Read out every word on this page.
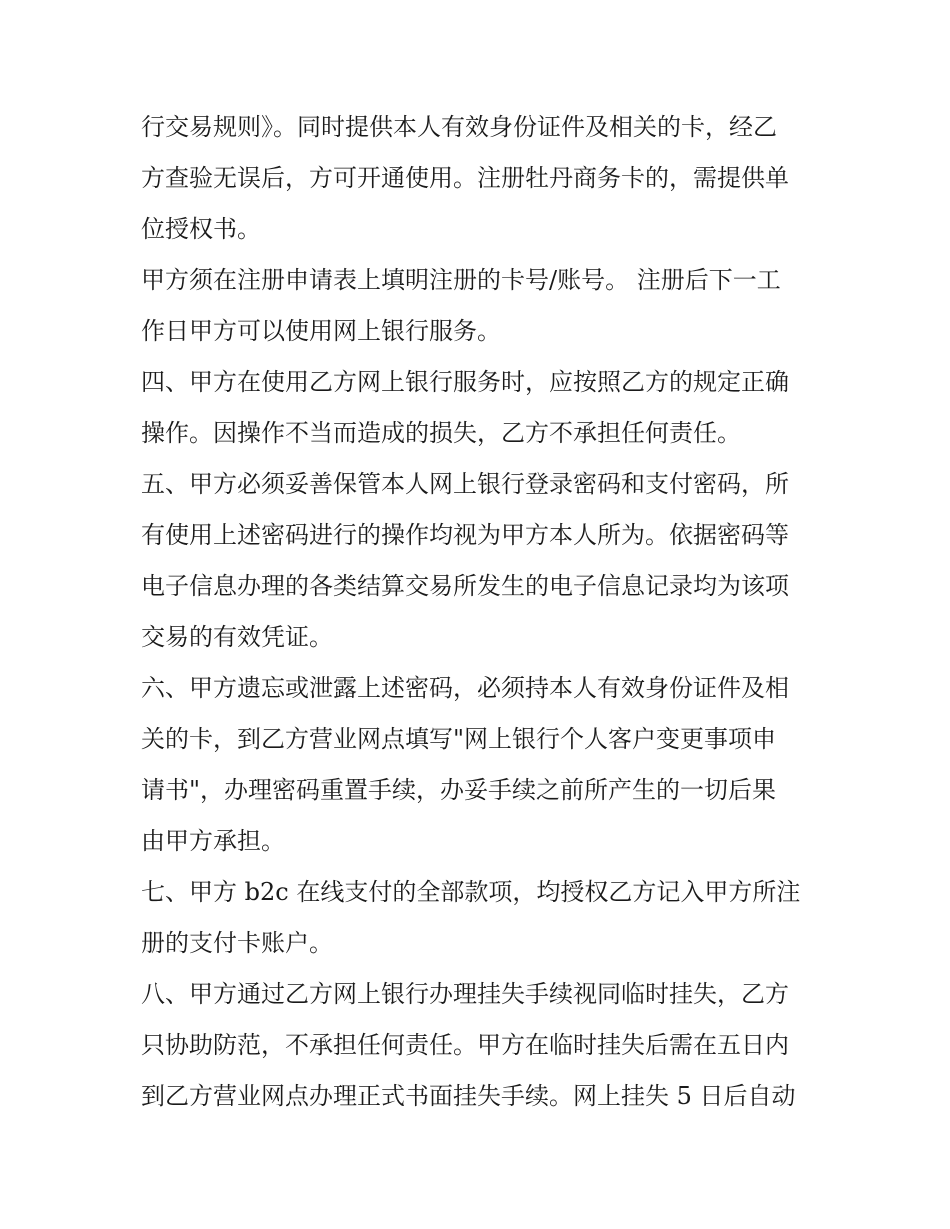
行交易规则》。同时提供本人有效身份证件及相关的卡，经乙
方查验无误后，方可开通使用。注册牡丹商务卡的，需提供单
位授权书。
甲方须在注册申请表上填明注册的卡号/账号。 注册后下一工
作日甲方可以使用网上银行服务。
四、甲方在使用乙方网上银行服务时，应按照乙方的规定正确
操作。因操作不当而造成的损失，乙方不承担任何责任。
五、甲方必须妥善保管本人网上银行登录密码和支付密码，所
有使用上述密码进行的操作均视为甲方本人所为。依据密码等
电子信息办理的各类结算交易所发生的电子信息记录均为该项
交易的有效凭证。
六、甲方遗忘或泄露上述密码，必须持本人有效身份证件及相
关的卡，到乙方营业网点填写"网上银行个人客户变更事项申
请书"，办理密码重置手续，办妥手续之前所产生的一切后果
由甲方承担。
七、甲方 b2c 在线支付的全部款项，均授权乙方记入甲方所注
册的支付卡账户。
八、甲方通过乙方网上银行办理挂失手续视同临时挂失，乙方
只协助防范，不承担任何责任。甲方在临时挂失后需在五日内
到乙方营业网点办理正式书面挂失手续。网上挂失 5 日后自动
